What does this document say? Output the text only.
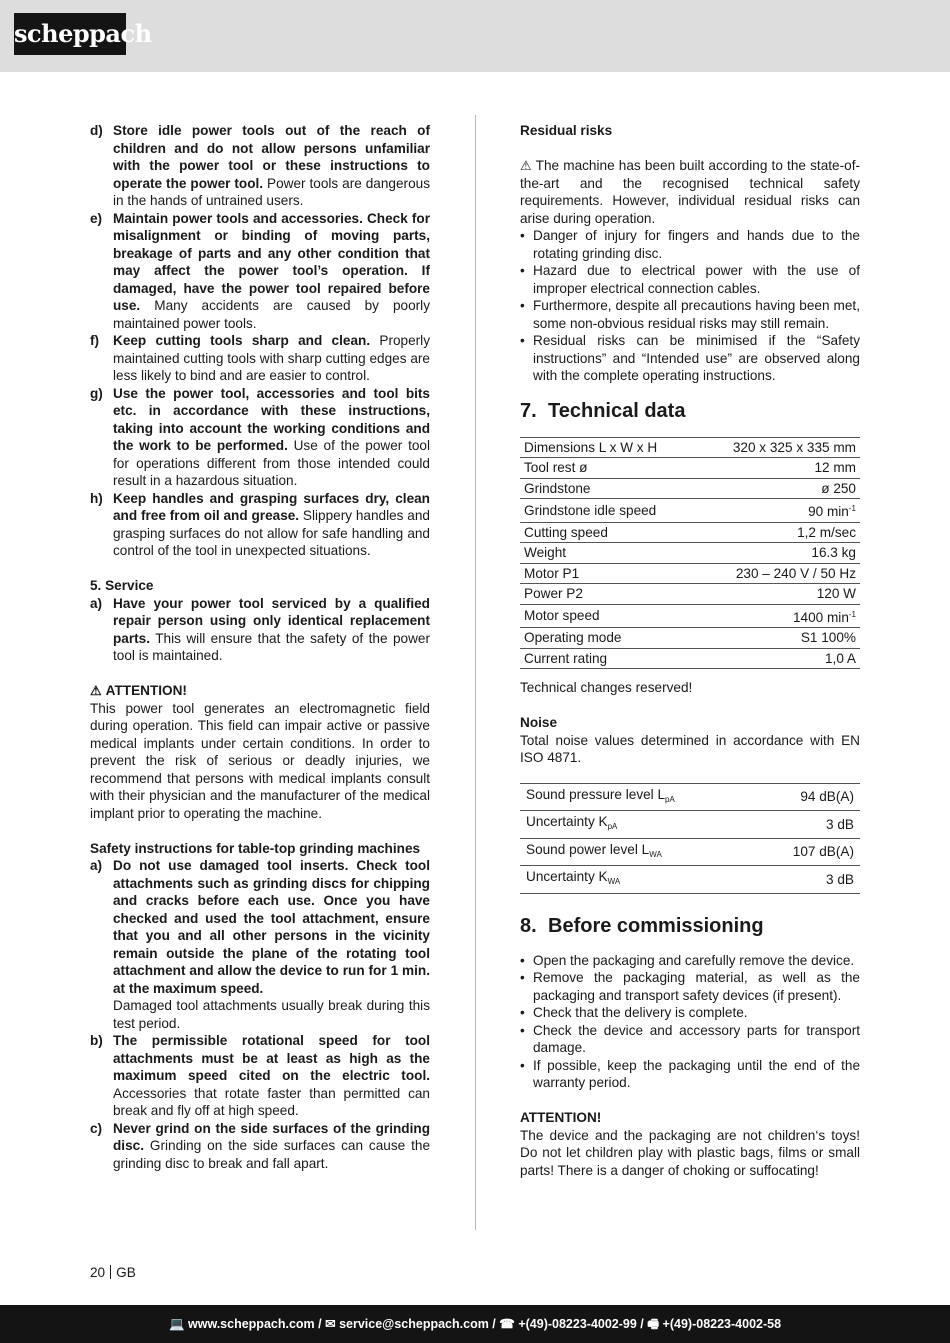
scheppach
d) Store idle power tools out of the reach of children and do not allow persons unfamiliar with the power tool or these instructions to operate the power tool. Power tools are dangerous in the hands of untrained users.
e) Maintain power tools and accessories. Check for misalignment or binding of moving parts, breakage of parts and any other condition that may affect the power tool’s operation. If damaged, have the power tool repaired before use. Many accidents are caused by poorly maintained power tools.
f)	Keep cutting tools sharp and clean. Properly maintained cutting tools with sharp cutting edges are less likely to bind and are easier to control.
g) Use the power tool, accessories and tool bits etc. in accordance with these instructions, taking into account the working conditions and the work to be performed. Use of the power tool for operations different from those intended could result in a hazardous situation.
h) Keep handles and grasping surfaces dry, clean and free from oil and grease. Slippery handles and grasping surfaces do not allow for safe handling and control of the tool in unexpected situations.
5. Service
a) Have your power tool serviced by a qualified repair person using only identical replacement parts. This will ensure that the safety of the power tool is maintained.
⚠ ATTENTION!
This power tool generates an electromagnetic field during operation. This field can impair active or passive medical implants under certain conditions. In order to prevent the risk of serious or deadly injuries, we recommend that persons with medical implants consult with their physician and the manufacturer of the medical implant prior to operating the machine.
Safety instructions for table-top grinding machines
a) Do not use damaged tool inserts. Check tool attachments such as grinding discs for chipping and cracks before each use. Once you have checked and used the tool attachment, ensure that you and all other persons in the vicinity remain outside the plane of the rotating tool attachment and allow the device to run for 1 min. at the maximum speed.
Damaged tool attachments usually break during this test period.
b) The permissible rotational speed for tool attachments must be at least as high as the maximum speed cited on the electric tool. Accessories that rotate faster than permitted can break and fly off at high speed.
c) Never grind on the side surfaces of the grinding disc. Grinding on the side surfaces can cause the grinding disc to break and fall apart.
Residual risks
⚠ The machine has been built according to the state-of-the-art and the recognised technical safety requirements. However, individual residual risks can arise during operation.
• Danger of injury for fingers and hands due to the rotating grinding disc.
• Hazard due to electrical power with the use of improper electrical connection cables.
• Furthermore, despite all precautions having been met, some non-obvious residual risks may still remain.
• Residual risks can be minimised if the “Safety instructions” and “Intended use” are observed along with the complete operating instructions.
7. Technical data
Dimensions L x W x H	320 x 325 x 335 mm
Tool rest ø	12 mm
Grindstone	ø 250
Grindstone idle speed	90 $\min^{-1}$
Cutting speed	1,2 m/sec
Weight	16.3 kg
Motor P1	230 – 240 V / 50 Hz
Power P2	120 W
Motor speed	1400 $\min^{-1}$
Operating mode	S1 100%
Current rating	1,0 A
Technical changes reserved!
Noise
Total noise values determined in accordance with EN ISO 4871.
Sound pressure level $L_{pA}$	94 dB(A)
Uncertainty $K_{pA}$	3 dB
Sound power level $L_{WA}$	107 dB(A)
Uncertainty $K_{WA}$	3 dB
8. Before commissioning
• Open the packaging and carefully remove the device.
• Remove the packaging material, as well as the packaging and transport safety devices (if present).
• Check that the delivery is complete.
• Check the device and accessory parts for transport damage.
• If possible, keep the packaging until the end of the warranty period.
ATTENTION!
The device and the packaging are not children‘s toys! Do not let children play with plastic bags, films or small parts! There is a danger of choking or suffocating!
20 GB
💻 www.scheppach.com / ✉ service@scheppach.com / ☎ +(49)-08223-4002-99 / 🖷 +(49)-08223-4002-58
